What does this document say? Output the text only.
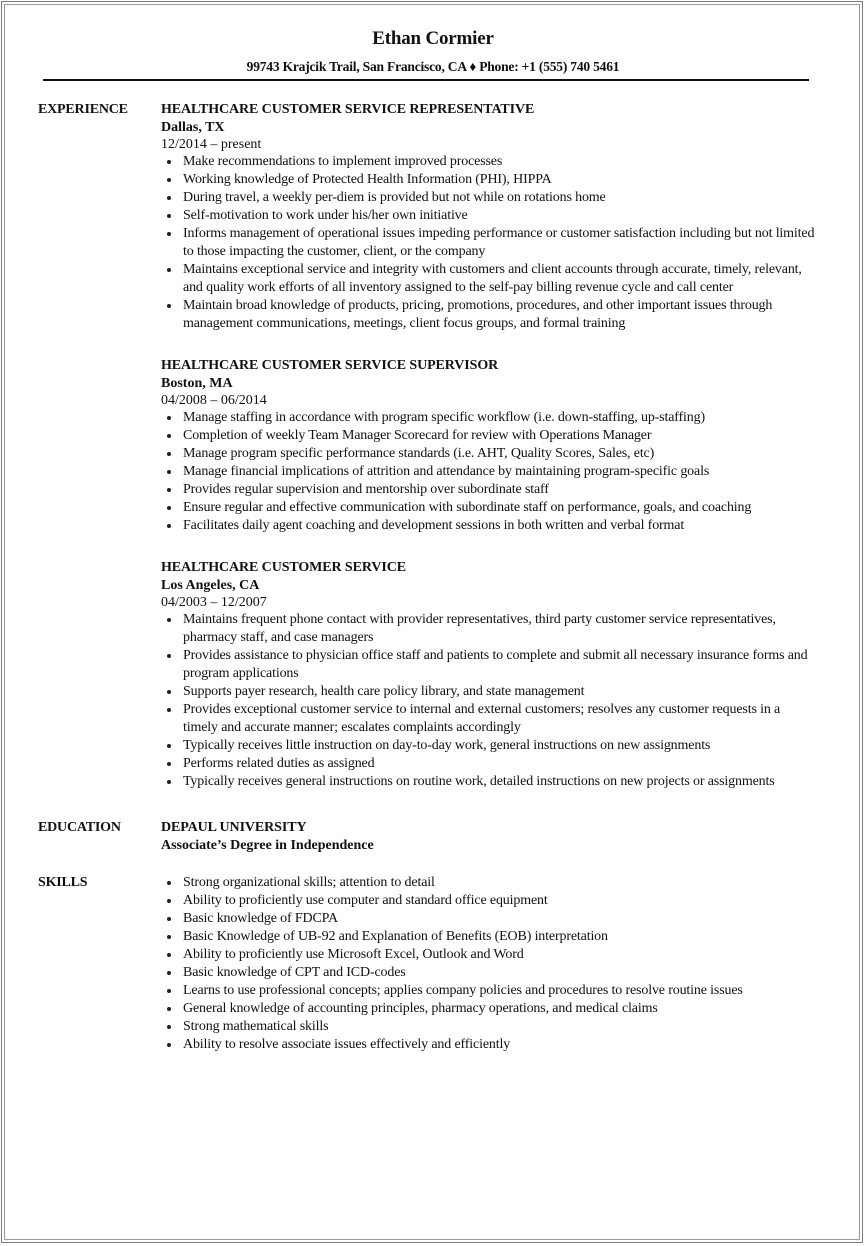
Ethan Cormier
99743 Krajcik Trail, San Francisco, CA ♦ Phone: +1 (555) 740 5461
EXPERIENCE	HEALTHCARE CUSTOMER SERVICE REPRESENTATIVE
Dallas, TX
12/2014 – present
Make recommendations to implement improved processes
Working knowledge of Protected Health Information (PHI), HIPPA
During travel, a weekly per-diem is provided but not while on rotations home
Self-motivation to work under his/her own initiative
Informs management of operational issues impeding performance or customer satisfaction including but not limited to those impacting the customer, client, or the company
Maintains exceptional service and integrity with customers and client accounts through accurate, timely, relevant, and quality work efforts of all inventory assigned to the self-pay billing revenue cycle and call center
Maintain broad knowledge of products, pricing, promotions, procedures, and other important issues through management communications, meetings, client focus groups, and formal training
HEALTHCARE CUSTOMER SERVICE SUPERVISOR
Boston, MA
04/2008 – 06/2014
Manage staffing in accordance with program specific workflow (i.e. down-staffing, up-staffing)
Completion of weekly Team Manager Scorecard for review with Operations Manager
Manage program specific performance standards (i.e. AHT, Quality Scores, Sales, etc)
Manage financial implications of attrition and attendance by maintaining program-specific goals
Provides regular supervision and mentorship over subordinate staff
Ensure regular and effective communication with subordinate staff on performance, goals, and coaching
Facilitates daily agent coaching and development sessions in both written and verbal format
HEALTHCARE CUSTOMER SERVICE
Los Angeles, CA
04/2003 – 12/2007
Maintains frequent phone contact with provider representatives, third party customer service representatives, pharmacy staff, and case managers
Provides assistance to physician office staff and patients to complete and submit all necessary insurance forms and program applications
Supports payer research, health care policy library, and state management
Provides exceptional customer service to internal and external customers; resolves any customer requests in a timely and accurate manner; escalates complaints accordingly
Typically receives little instruction on day-to-day work, general instructions on new assignments
Performs related duties as assigned
Typically receives general instructions on routine work, detailed instructions on new projects or assignments
EDUCATION	DEPAUL UNIVERSITY
Associate’s Degree in Independence
SKILLS	Strong organizational skills; attention to detail
Ability to proficiently use computer and standard office equipment
Basic knowledge of FDCPA
Basic Knowledge of UB-92 and Explanation of Benefits (EOB) interpretation
Ability to proficiently use Microsoft Excel, Outlook and Word
Basic knowledge of CPT and ICD-codes
Learns to use professional concepts; applies company policies and procedures to resolve routine issues
General knowledge of accounting principles, pharmacy operations, and medical claims
Strong mathematical skills
Ability to resolve associate issues effectively and efficiently
